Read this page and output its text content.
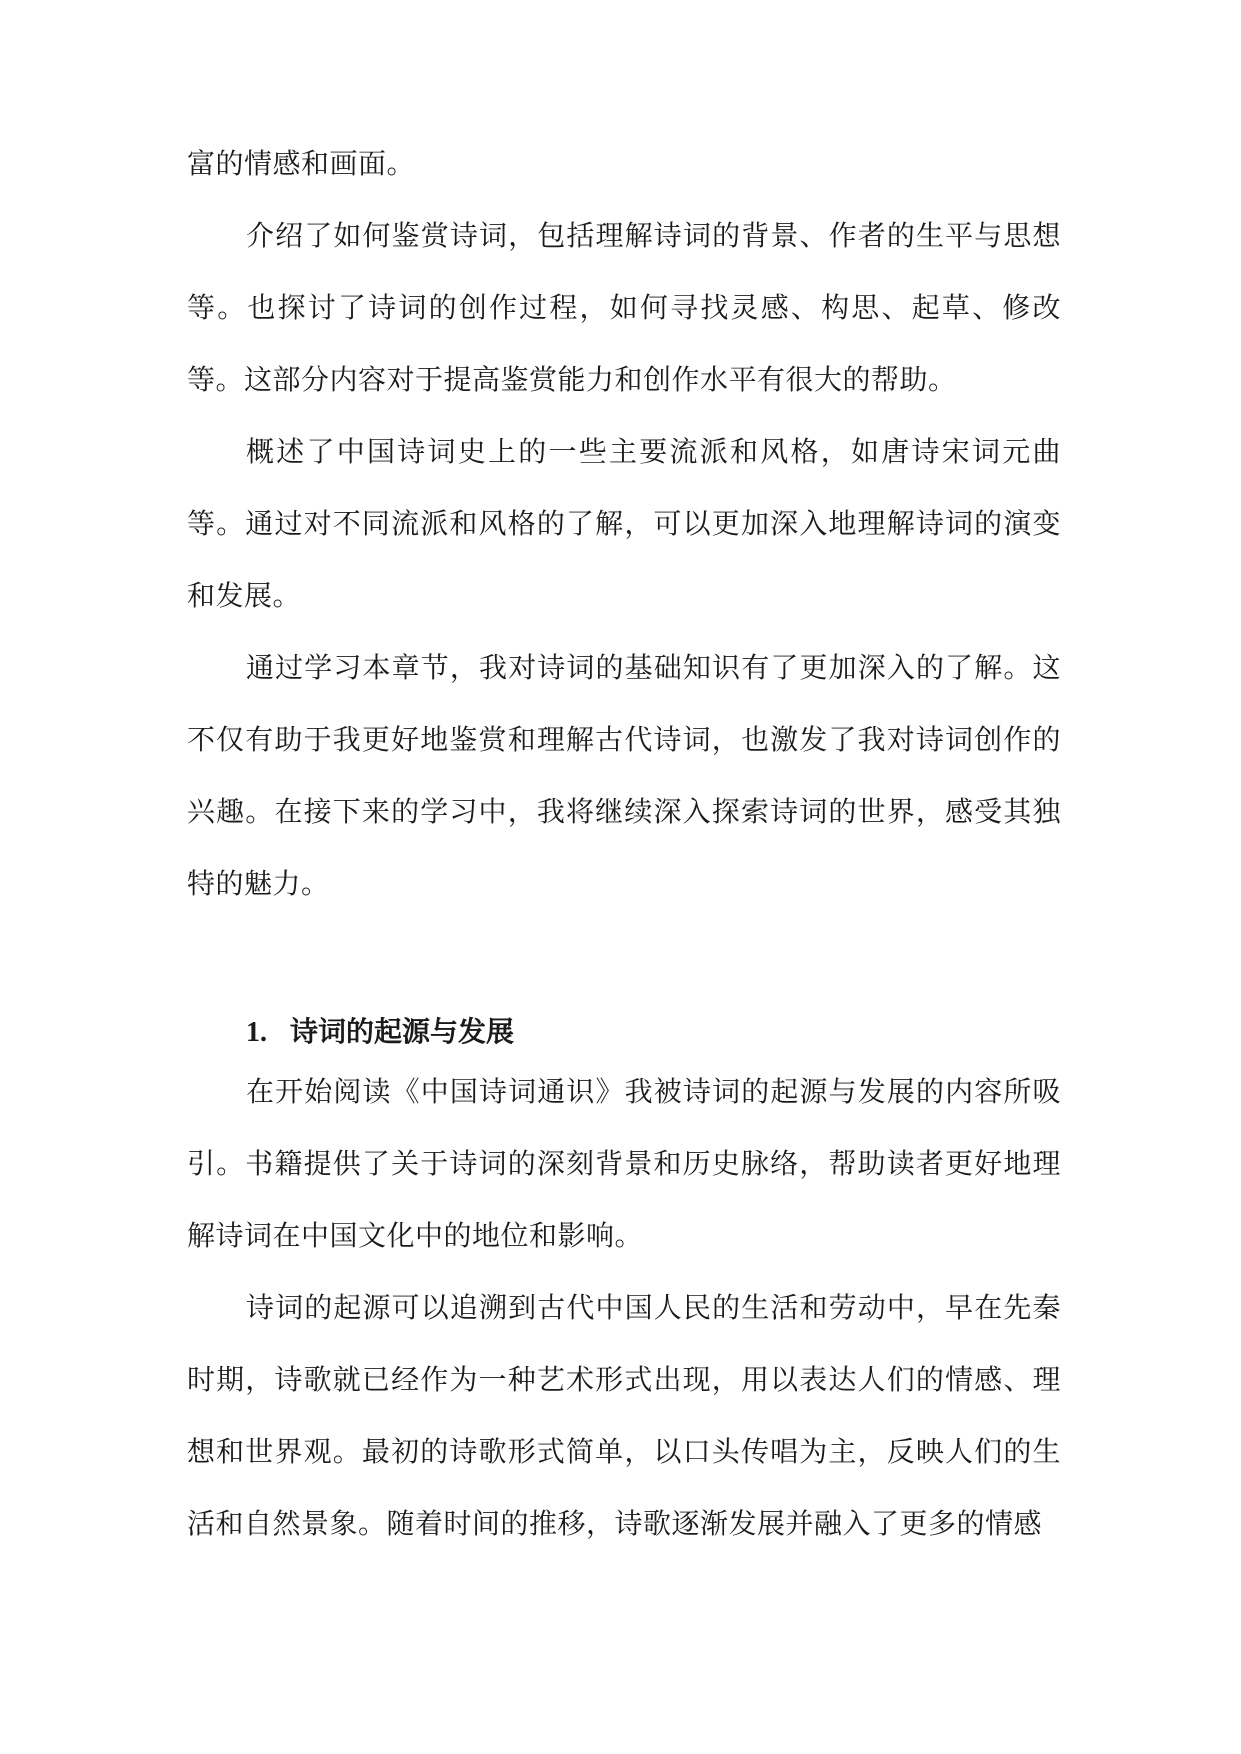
富的情感和画面。

介绍了如何鉴赏诗词，包括理解诗词的背景、作者的生平与思想等。也探讨了诗词的创作过程，如何寻找灵感、构思、起草、修改等。这部分内容对于提高鉴赏能力和创作水平有很大的帮助。

概述了中国诗词史上的一些主要流派和风格，如唐诗宋词元曲等。通过对不同流派和风格的了解，可以更加深入地理解诗词的演变和发展。

通过学习本章节，我对诗词的基础知识有了更加深入的了解。这不仅有助于我更好地鉴赏和理解古代诗词，也激发了我对诗词创作的兴趣。在接下来的学习中，我将继续深入探索诗词的世界，感受其独特的魅力。

1. 诗词的起源与发展

在开始阅读《中国诗词通识》我被诗词的起源与发展的内容所吸引。书籍提供了关于诗词的深刻背景和历史脉络，帮助读者更好地理解诗词在中国文化中的地位和影响。

诗词的起源可以追溯到古代中国人民的生活和劳动中，早在先秦时期，诗歌就已经作为一种艺术形式出现，用以表达人们的情感、理想和世界观。最初的诗歌形式简单，以口头传唱为主，反映人们的生活和自然景象。随着时间的推移，诗歌逐渐发展并融入了更多的情感
